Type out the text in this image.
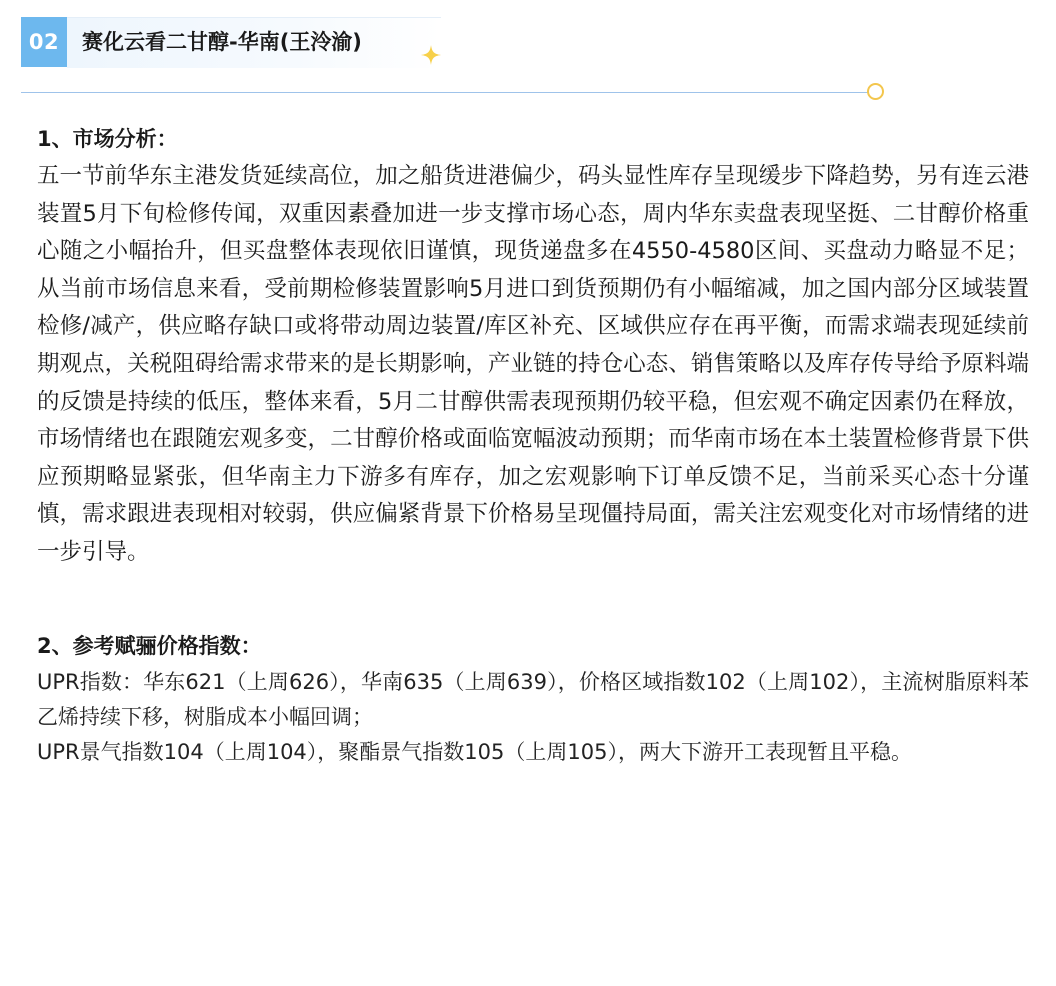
02	赛化云看二甘醇-华南(王泠渝)

1、市场分析：

五一节前华东主港发货延续高位，加之船货进港偏少，码头显性库存呈现缓步下降趋势，另有连云港装置5月下旬检修传闻，双重因素叠加进一步支撑市场心态，周内华东卖盘表现坚挺、二甘醇价格重心随之小幅抬升，但买盘整体表现依旧谨慎，现货递盘多在4550-4580区间、买盘动力略显不足；从当前市场信息来看，受前期检修装置影响5月进口到货预期仍有小幅缩减，加之国内部分区域装置检修/减产，供应略存缺口或将带动周边装置/库区补充、区域供应存在再平衡，而需求端表现延续前期观点，关税阻碍给需求带来的是长期影响，产业链的持仓心态、销售策略以及库存传导给予原料端的反馈是持续的低压，整体来看，5月二甘醇供需表现预期仍较平稳，但宏观不确定因素仍在释放，市场情绪也在跟随宏观多变，二甘醇价格或面临宽幅波动预期；而华南市场在本土装置检修背景下供应预期略显紧张，但华南主力下游多有库存，加之宏观影响下订单反馈不足，当前采买心态十分谨慎，需求跟进表现相对较弱，供应偏紧背景下价格易呈现僵持局面，需关注宏观变化对市场情绪的进一步引导。

2、参考赋骊价格指数：

UPR指数：华东621（上周626），华南635（上周639），价格区域指数102（上周102），主流树脂原料苯乙烯持续下移，树脂成本小幅回调；

UPR景气指数104（上周104），聚酯景气指数105（上周105），两大下游开工表现暂且平稳。
